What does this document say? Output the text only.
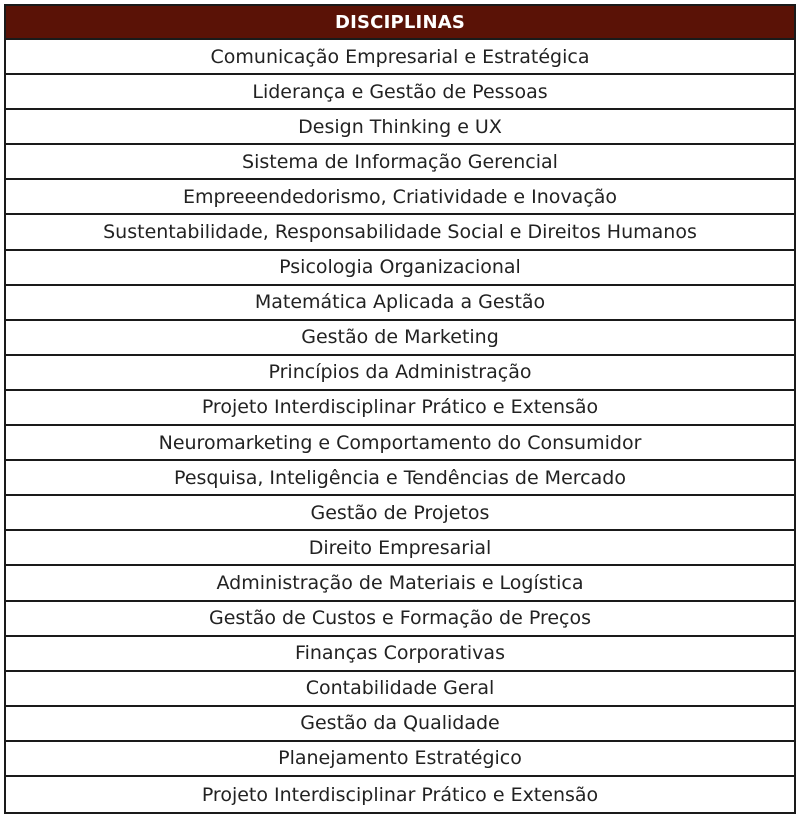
DISCIPLINAS
Comunicação Empresarial e Estratégica
Liderança e Gestão de Pessoas
Design Thinking e UX
Sistema de Informação Gerencial
Empreeendedorismo, Criatividade e Inovação
Sustentabilidade, Responsabilidade Social e Direitos Humanos
Psicologia Organizacional
Matemática Aplicada a Gestão
Gestão de Marketing
Princípios da Administração
Projeto Interdisciplinar Prático e Extensão
Neuromarketing e Comportamento do Consumidor
Pesquisa, Inteligência e Tendências de Mercado
Gestão de Projetos
Direito Empresarial
Administração de Materiais e Logística
Gestão de Custos e Formação de Preços
Finanças Corporativas
Contabilidade Geral
Gestão da Qualidade
Planejamento Estratégico
Projeto Interdisciplinar Prático e Extensão
